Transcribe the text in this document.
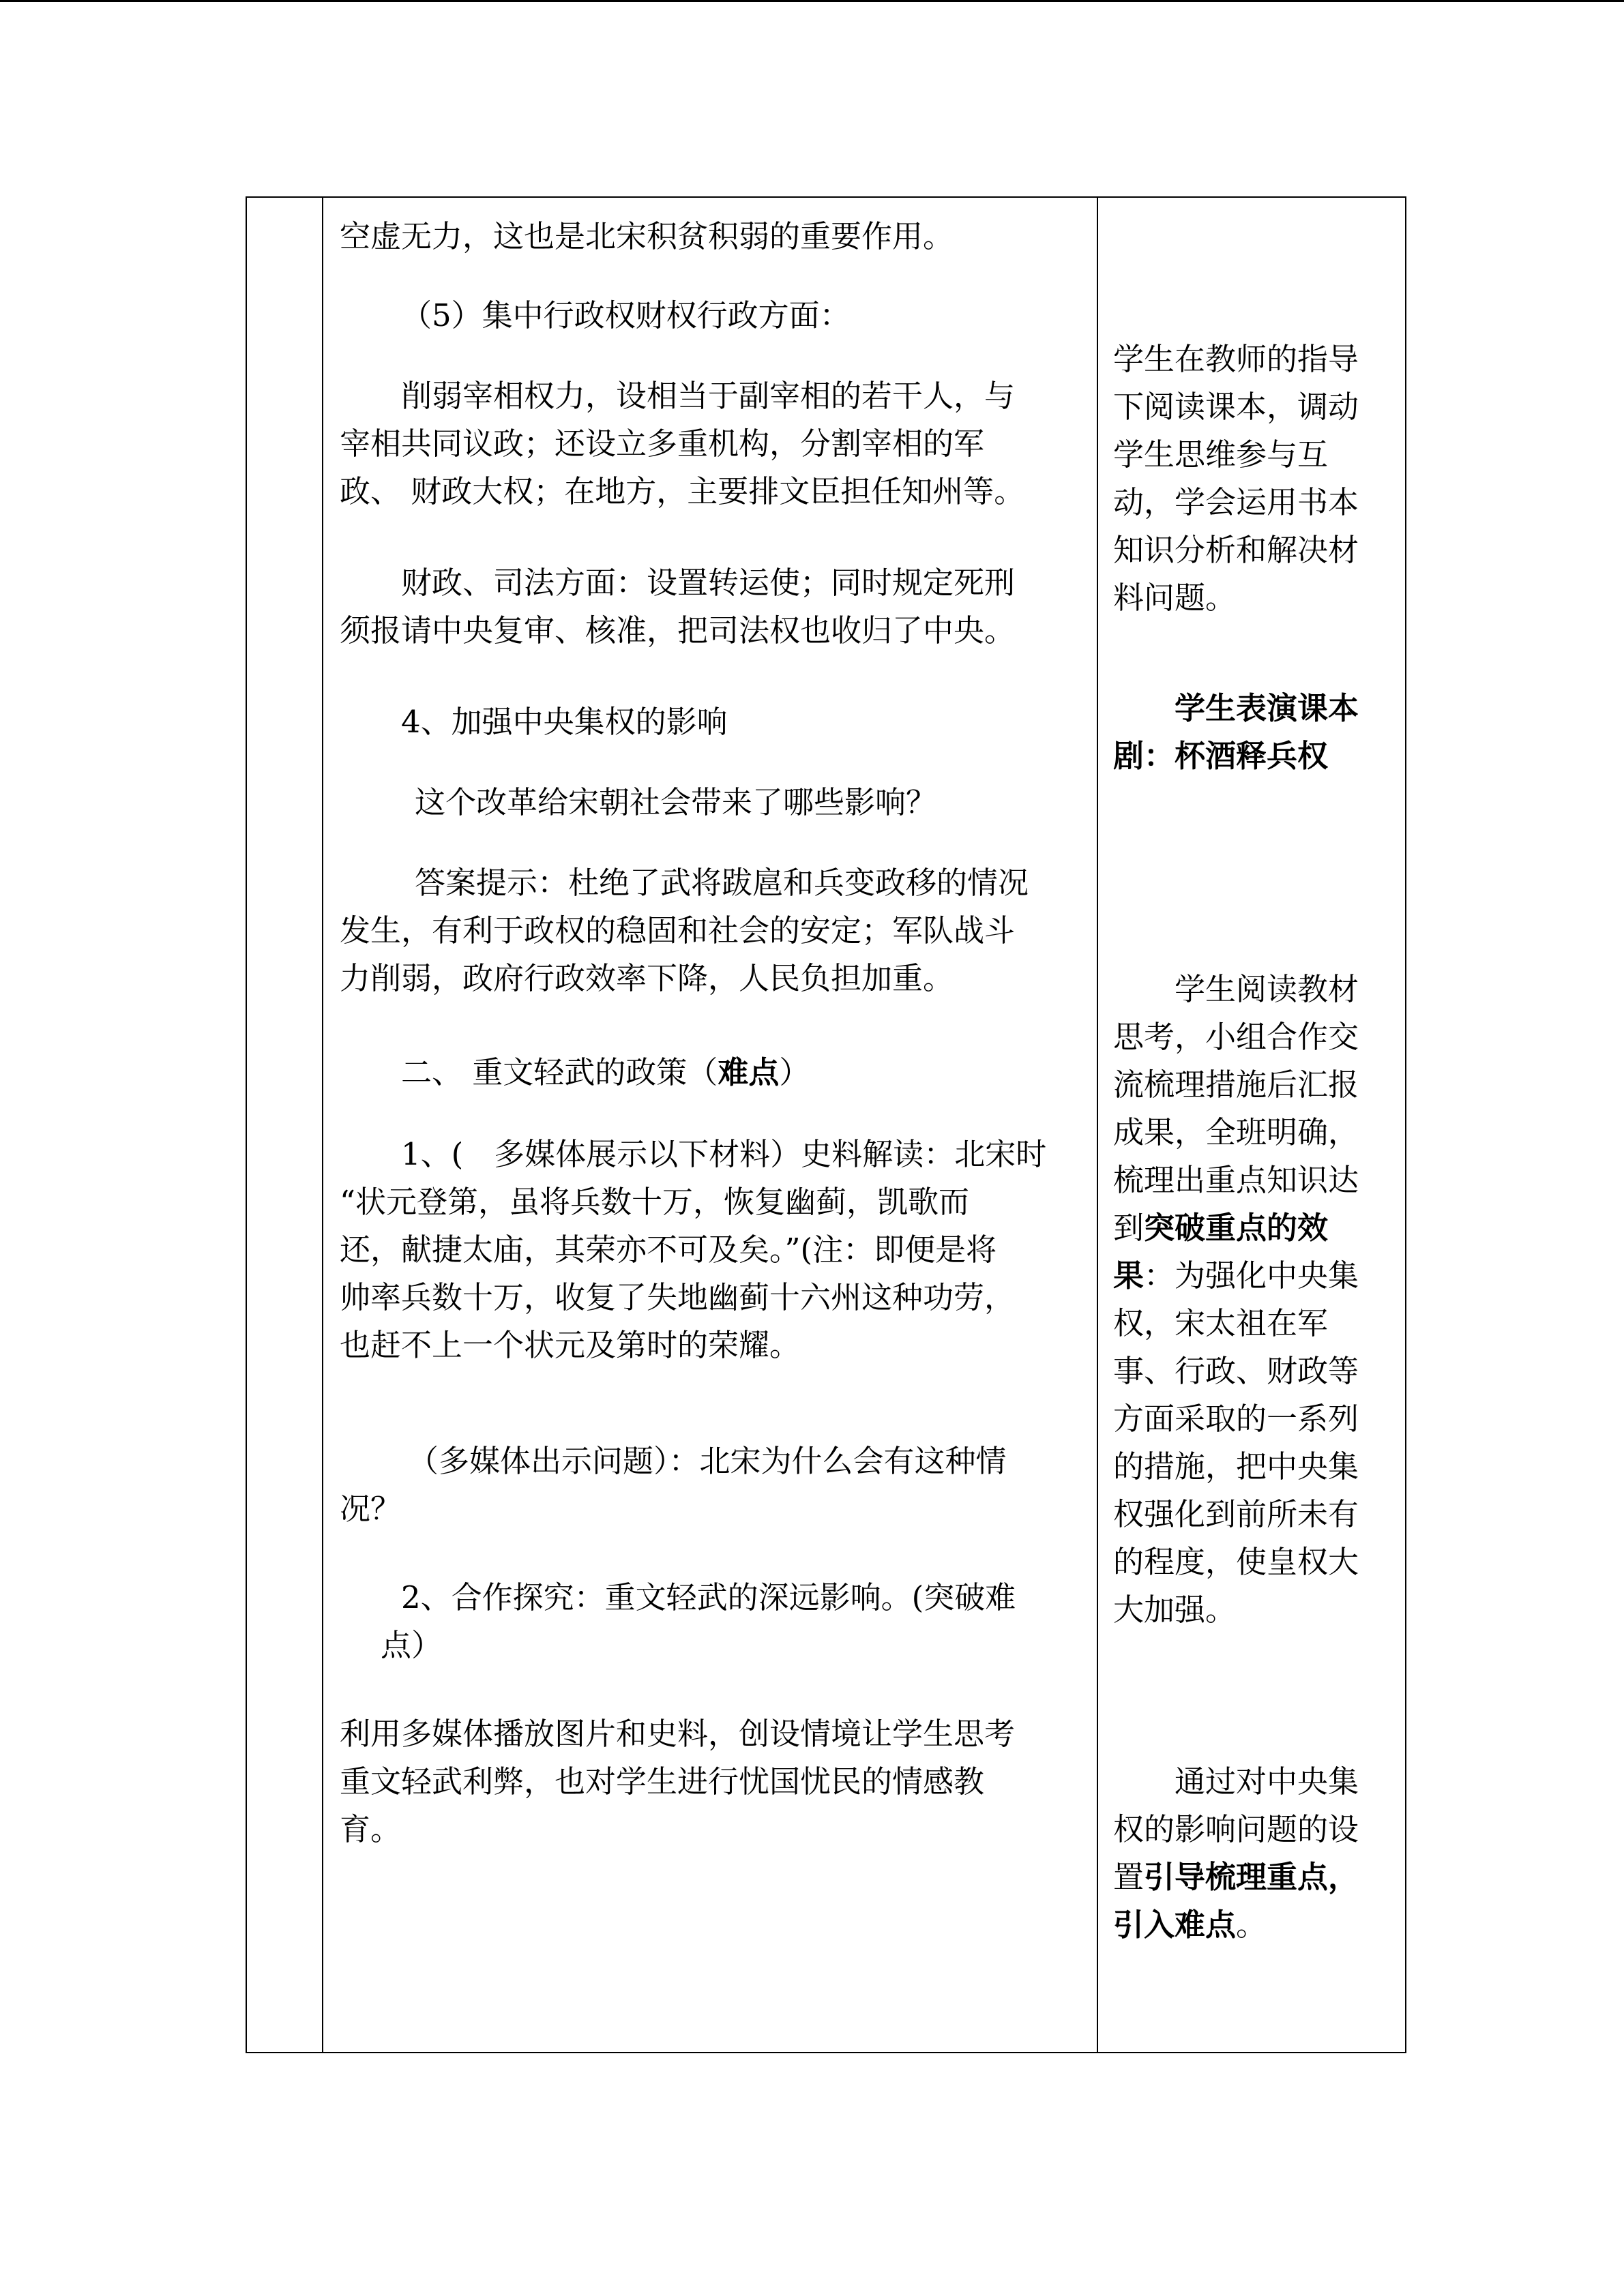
空虚无力，这也是北宋积贫积弱的重要作用。

（5）集中行政权财权行政方面：

削弱宰相权力，设相当于副宰相的若干人，与
宰相共同议政；还设立多重机构，分割宰相的军
政、 财政大权；在地方，主要排文臣担任知州等。

财政、司法方面：设置转运使；同时规定死刑
须报请中央复审、核准，把司法权也收归了中央。

4、加强中央集权的影响

这个改革给宋朝社会带来了哪些影响？

答案提示：杜绝了武将跋扈和兵变政移的情况
发生，有利于政权的稳固和社会的安定；军队战斗
力削弱，政府行政效率下降，人民负担加重。

二、 重文轻武的政策（难点）

1、(　多媒体展示以下材料）史料解读：北宋时
“状元登第，虽将兵数十万，恢复幽蓟，凯歌而
还，献捷太庙，其荣亦不可及矣。”(注：即便是将
帅率兵数十万，收复了失地幽蓟十六州这种功劳，
也赶不上一个状元及第时的荣耀。

（多媒体出示问题）：北宋为什么会有这种情
况？

2、合作探究：重文轻武的深远影响。(突破难
点）

利用多媒体播放图片和史料，创设情境让学生思考
重文轻武利弊，也对学生进行忧国忧民的情感教
育。

学生在教师的指导
下阅读课本，调动
学生思维参与互
动，学会运用书本
知识分析和解决材
料问题。

学生表演课本
剧：杯酒释兵权

学生阅读教材
思考，小组合作交
流梳理措施后汇报
成果，全班明确，
梳理出重点知识达
到突破重点的效
果：为强化中央集
权，宋太祖在军
事、行政、财政等
方面采取的一系列
的措施，把中央集
权强化到前所未有
的程度，使皇权大
大加强。

通过对中央集
权的影响问题的设
置引导梳理重点，
引入难点。
